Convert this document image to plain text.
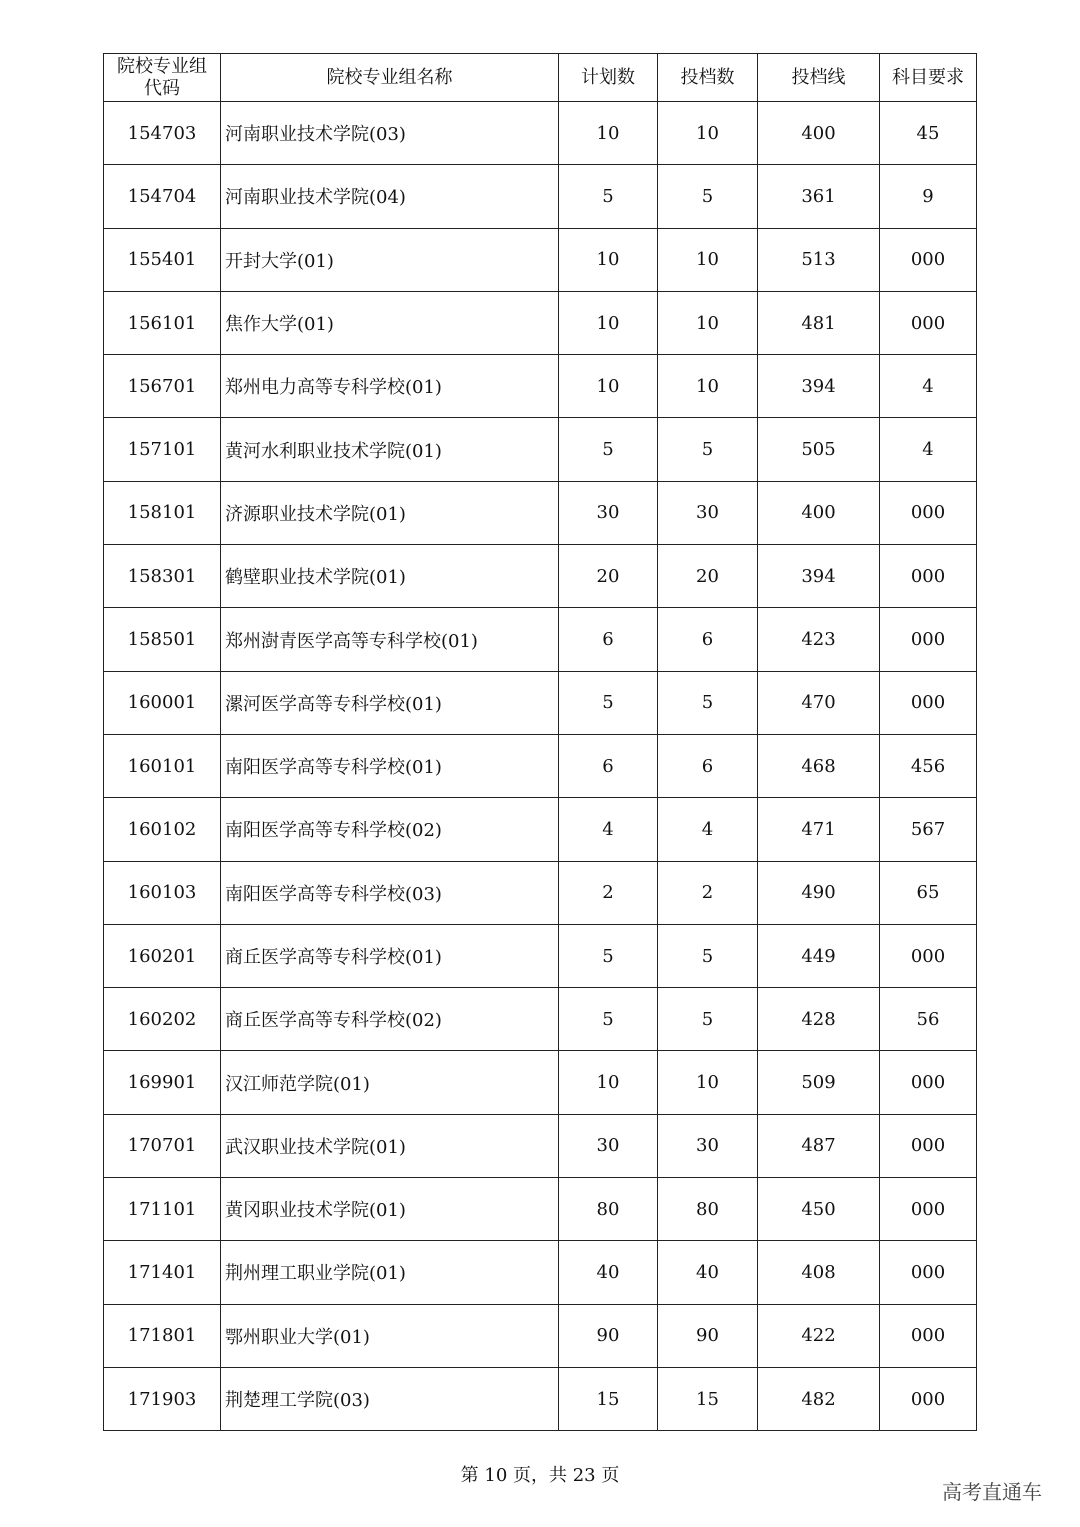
院校专业组代码	院校专业组名称	计划数	投档数	投档线	科目要求
154703	河南职业技术学院(03)	10	10	400	45
154704	河南职业技术学院(04)	5	5	361	9
155401	开封大学(01)	10	10	513	000
156101	焦作大学(01)	10	10	481	000
156701	郑州电力高等专科学校(01)	10	10	394	4
157101	黄河水利职业技术学院(01)	5	5	505	4
158101	济源职业技术学院(01)	30	30	400	000
158301	鹤壁职业技术学院(01)	20	20	394	000
158501	郑州澍青医学高等专科学校(01)	6	6	423	000
160001	漯河医学高等专科学校(01)	5	5	470	000
160101	南阳医学高等专科学校(01)	6	6	468	456
160102	南阳医学高等专科学校(02)	4	4	471	567
160103	南阳医学高等专科学校(03)	2	2	490	65
160201	商丘医学高等专科学校(01)	5	5	449	000
160202	商丘医学高等专科学校(02)	5	5	428	56
169901	汉江师范学院(01)	10	10	509	000
170701	武汉职业技术学院(01)	30	30	487	000
171101	黄冈职业技术学院(01)	80	80	450	000
171401	荆州理工职业学院(01)	40	40	408	000
171801	鄂州职业大学(01)	90	90	422	000
171903	荆楚理工学院(03)	15	15	482	000
第 10 页，共 23 页
高考直通车
